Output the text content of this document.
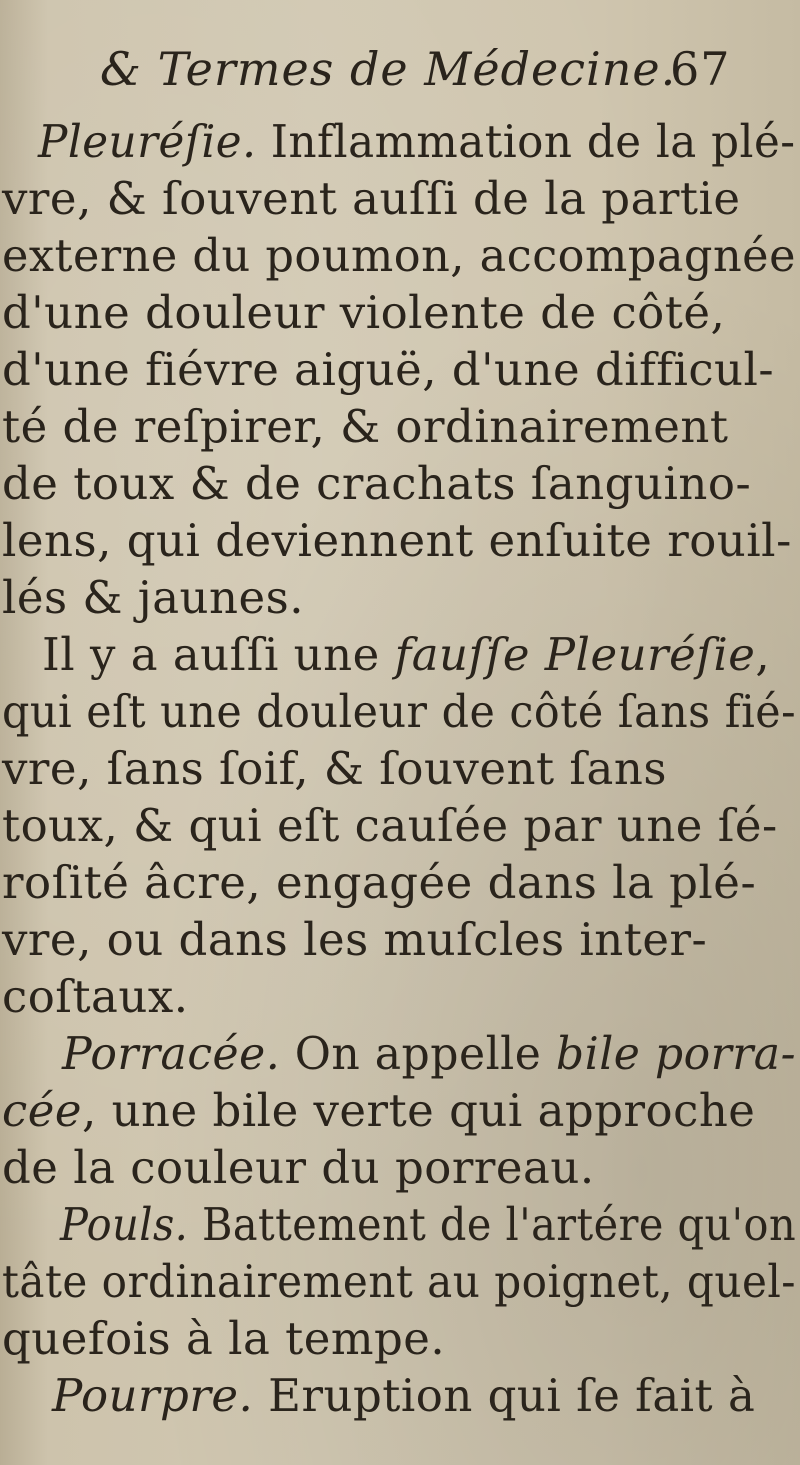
& Termes de Médecine.
67
Pleuréſie. Inflammation de la plé-
vre, & ſouvent auſſi de la partie
externe du poumon, accompagnée
d'une douleur violente de côté,
d'une fiévre aiguë, d'une difficul-
té de reſpirer, & ordinairement
de toux & de crachats ſanguino-
lens, qui deviennent enſuite rouil-
lés & jaunes.
Il y a auſſi une fauſſe Pleuréſie,
qui eſt une douleur de côté ſans fié-
vre, ſans ſoif, & ſouvent ſans
toux, & qui eſt cauſée par une ſé-
roſité âcre, engagée dans la plé-
vre, ou dans les muſcles inter-
coſtaux.
Porracée. On appelle bile porra-
cée, une bile verte qui approche
de la couleur du porreau.
Pouls. Battement de l'artére qu'on
tâte ordinairement au poignet, quel-
quefois à la tempe.
Pourpre. Eruption qui ſe fait à
